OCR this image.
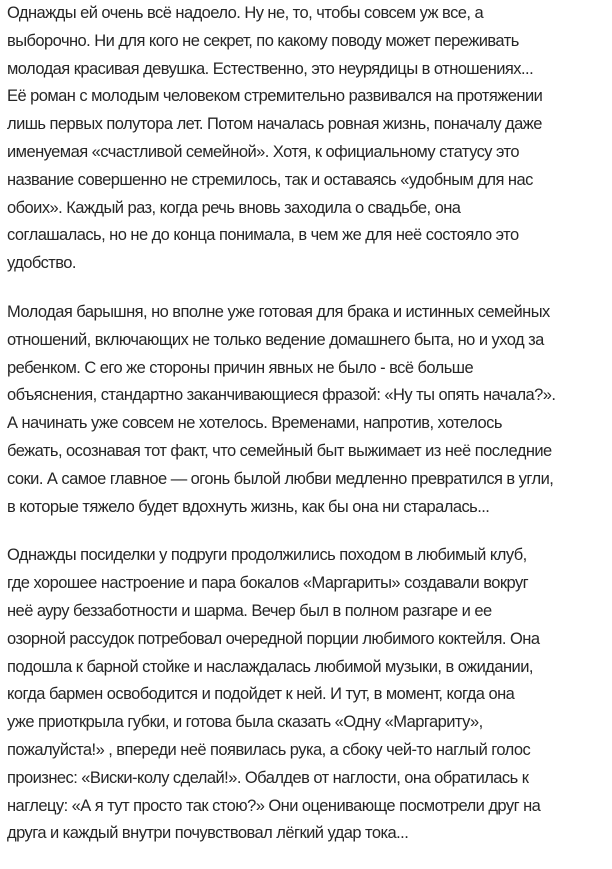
Однажды ей очень всё надоело. Ну не, то, чтобы совсем уж все, а
выборочно. Ни для кого не секрет, по какому поводу может переживать
молодая красивая девушка. Естественно, это неурядицы в отношениях...
Её роман с молодым человеком стремительно развивался на протяжении
лишь первых полутора лет. Потом началась ровная жизнь, поначалу даже
именуемая «счастливой семейной». Хотя, к официальному статусу это
название совершенно не стремилось, так и оставаясь «удобным для нас
обоих». Каждый раз, когда речь вновь заходила о свадьбе, она
соглашалась, но не до конца понимала, в чем же для неё состояло это
удобство.

Молодая барышня, но вполне уже готовая для брака и истинных семейных
отношений, включающих не только ведение домашнего быта, но и уход за
ребенком. С его же стороны причин явных не было - всё больше
объяснения, стандартно заканчивающиеся фразой: «Ну ты опять начала?».
А начинать уже совсем не хотелось. Временами, напротив, хотелось
бежать, осознавая тот факт, что семейный быт выжимает из неё последние
соки. А самое главное — огонь былой любви медленно превратился в угли,
в которые тяжело будет вдохнуть жизнь, как бы она ни старалась...

Однажды посиделки у подруги продолжились походом в любимый клуб,
где хорошее настроение и пара бокалов «Маргариты» создавали вокруг
неё ауру беззаботности и шарма. Вечер был в полном разгаре и ее
озорной рассудок потребовал очередной порции любимого коктейля. Она
подошла к барной стойке и наслаждалась любимой музыки, в ожидании,
когда бармен освободится и подойдет к ней. И тут, в момент, когда она
уже приоткрыла губки, и готова была сказать «Одну «Маргариту»,
пожалуйста!» , впереди неё появилась рука, а сбоку чей-то наглый голос
произнес: «Виски-колу сделай!». Обалдев от наглости, она обратилась к
наглецу: «А я тут просто так стою?» Они оценивающе посмотрели друг на
друга и каждый внутри почувствовал лёгкий удар тока...
